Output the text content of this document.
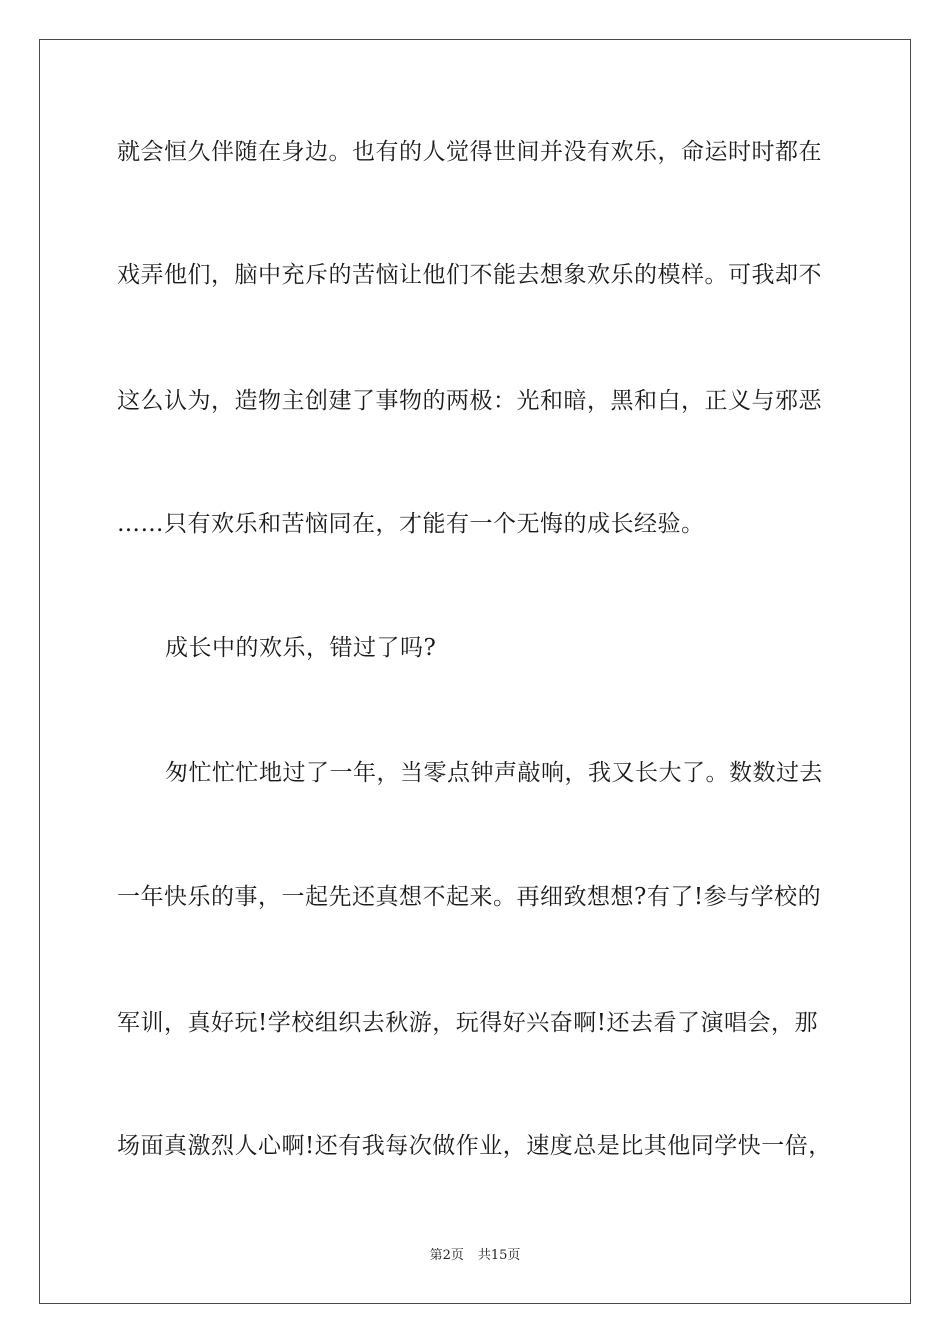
就会恒久伴随在身边。也有的人觉得世间并没有欢乐，命运时时都在
戏弄他们，脑中充斥的苦恼让他们不能去想象欢乐的模样。可我却不
这么认为，造物主创建了事物的两极：光和暗，黑和白，正义与邪恶
……只有欢乐和苦恼同在，才能有一个无悔的成长经验。
成长中的欢乐，错过了吗?
匆忙忙忙地过了一年，当零点钟声敲响，我又长大了。数数过去
一年快乐的事，一起先还真想不起来。再细致想想?有了!参与学校的
军训，真好玩!学校组织去秋游，玩得好兴奋啊!还去看了演唱会，那
场面真激烈人心啊!还有我每次做作业，速度总是比其他同学快一倍，
第2页 共15页
